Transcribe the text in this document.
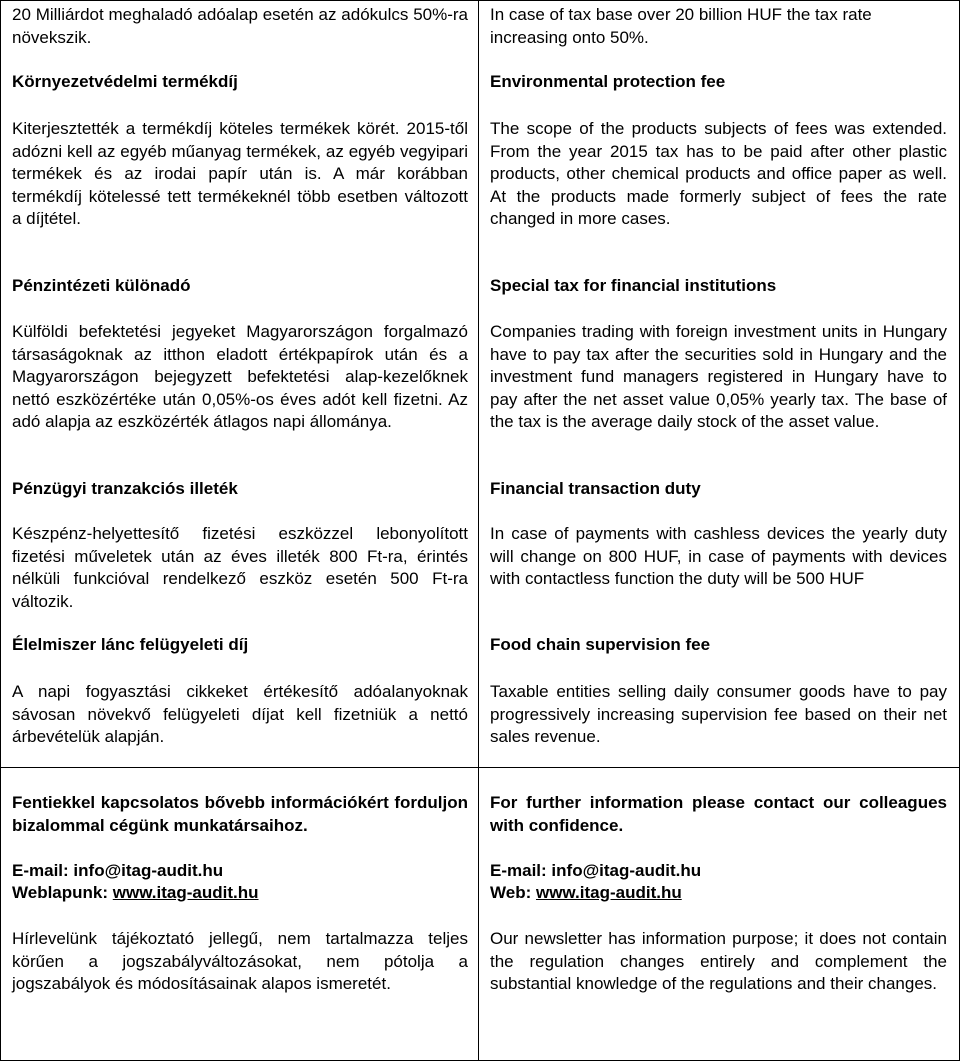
20 Milliárdot meghaladó adóalap esetén az adókulcs 50%-ra növekszik.

Környezetvédelmi termékdíj

Kiterjesztették a termékdíj köteles termékek körét. 2015-től adózni kell az egyéb műanyag termékek, az egyéb vegyipari termékek és az irodai papír után is. A már korábban termékdíj kötelessé tett termékeknél több esetben változott a díjtétel.

Pénzintézeti különadó

Külföldi befektetési jegyeket Magyarországon forgalmazó társaságoknak az itthon eladott értékpapírok után és a Magyarországon bejegyzett befektetési alap-kezelőknek nettó eszközértéke után 0,05%-os éves adót kell fizetni. Az adó alapja az eszközérték átlagos napi állománya.

Pénzügyi tranzakciós illeték

Készpénz-helyettesítő fizetési eszközzel lebonyolított fizetési műveletek után az éves illeték 800 Ft-ra, érintés nélküli funkcióval rendelkező eszköz esetén 500 Ft-ra változik.

Élelmiszer lánc felügyeleti díj

A napi fogyasztási cikkeket értékesítő adóalanyoknak sávosan növekvő felügyeleti díjat kell fizetniük a nettó árbevételük alapján.

Fentiekkel kapcsolatos bővebb információkért forduljon bizalommal cégünk munkatársaihoz.

E-mail: info@itag-audit.hu

Weblapunk: www.itag-audit.hu

Hírlevelünk tájékoztató jellegű, nem tartalmazza teljes körűen a jogszabályváltozásokat, nem pótolja a jogszabályok és módosításainak alapos ismeretét.

In case of tax base over 20 billion HUF the tax rate increasing onto 50%.

Environmental protection fee

The scope of the products subjects of fees was extended. From the year 2015 tax has to be paid after other plastic products, other chemical products and office paper as well. At the products made formerly subject of fees the rate changed in more cases.

Special tax for financial institutions

Companies trading with foreign investment units in Hungary have to pay tax after the securities sold in Hungary and the investment fund managers registered in Hungary have to pay after the net asset value 0,05% yearly tax. The base of the tax is the average daily stock of the asset value.

Financial transaction duty

In case of payments with cashless devices the yearly duty will change on 800 HUF, in case of payments with devices with contactless function the duty will be 500 HUF

Food chain supervision fee

Taxable entities selling daily consumer goods have to pay progressively increasing supervision fee based on their net sales revenue.

For further information please contact our colleagues with confidence.

E-mail: info@itag-audit.hu

Web: www.itag-audit.hu

Our newsletter has information purpose; it does not contain the regulation changes entirely and complement the substantial knowledge of the regulations and their changes.
